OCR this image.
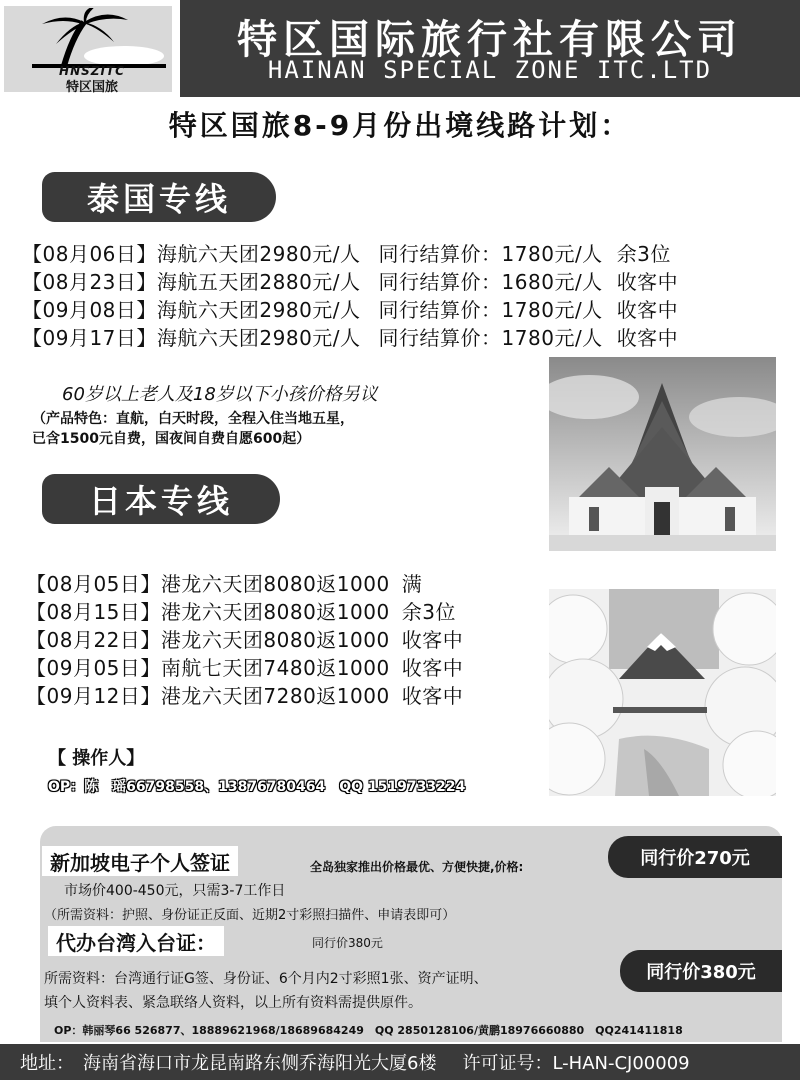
HNSZITC
特区国旅
特区国际旅行社有限公司
HAINAN SPECIAL ZONE ITC.LTD
特区国旅8-9月份出境线路计划：
泰国专线
【08月06日】海航六天团2980元/人 同行结算价：1780元/人 余3位
【08月23日】海航五天团2880元/人 同行结算价：1680元/人 收客中
【09月08日】海航六天团2980元/人 同行结算价：1780元/人 收客中
【09月17日】海航六天团2980元/人 同行结算价：1780元/人 收客中
60岁以上老人及18岁以下小孩价格另议
（产品特色：直航，白天时段，全程入住当地五星，
已含1500元自费，国夜间自费自愿600起）
日本专线
【08月05日】港龙六天团8080返1000 满
【08月15日】港龙六天团8080返1000 余3位
【08月22日】港龙六天团8080返1000 收客中
【09月05日】南航七天团7480返1000 收客中
【09月12日】港龙六天团7280返1000 收客中
【 操作人】
OP：陈　瑶66798558、13876780464　QQ 1519733224
新加坡电子个人签证	全岛独家推出价格最优、方便快捷,价格:	同行价270元
市场价400-450元，只需3-7工作日
（所需资料：护照、身份证正反面、近期2寸彩照扫描件、申请表即可）
代办台湾入台证：	同行价380元
所需资料：台湾通行证G签、身份证、6个月内2寸彩照1张、资产证明、
填个人资料表、紧急联络人资料，以上所有资料需提供原件。
同行价380元
OP：韩丽琴66 526877、18889621968/18689684249　QQ 2850128106/黄鹏18976660880　QQ241411818
地址：　海南省海口市龙昆南路东侧乔海阳光大厦6楼 许可证号：L-HAN-CJ00009
